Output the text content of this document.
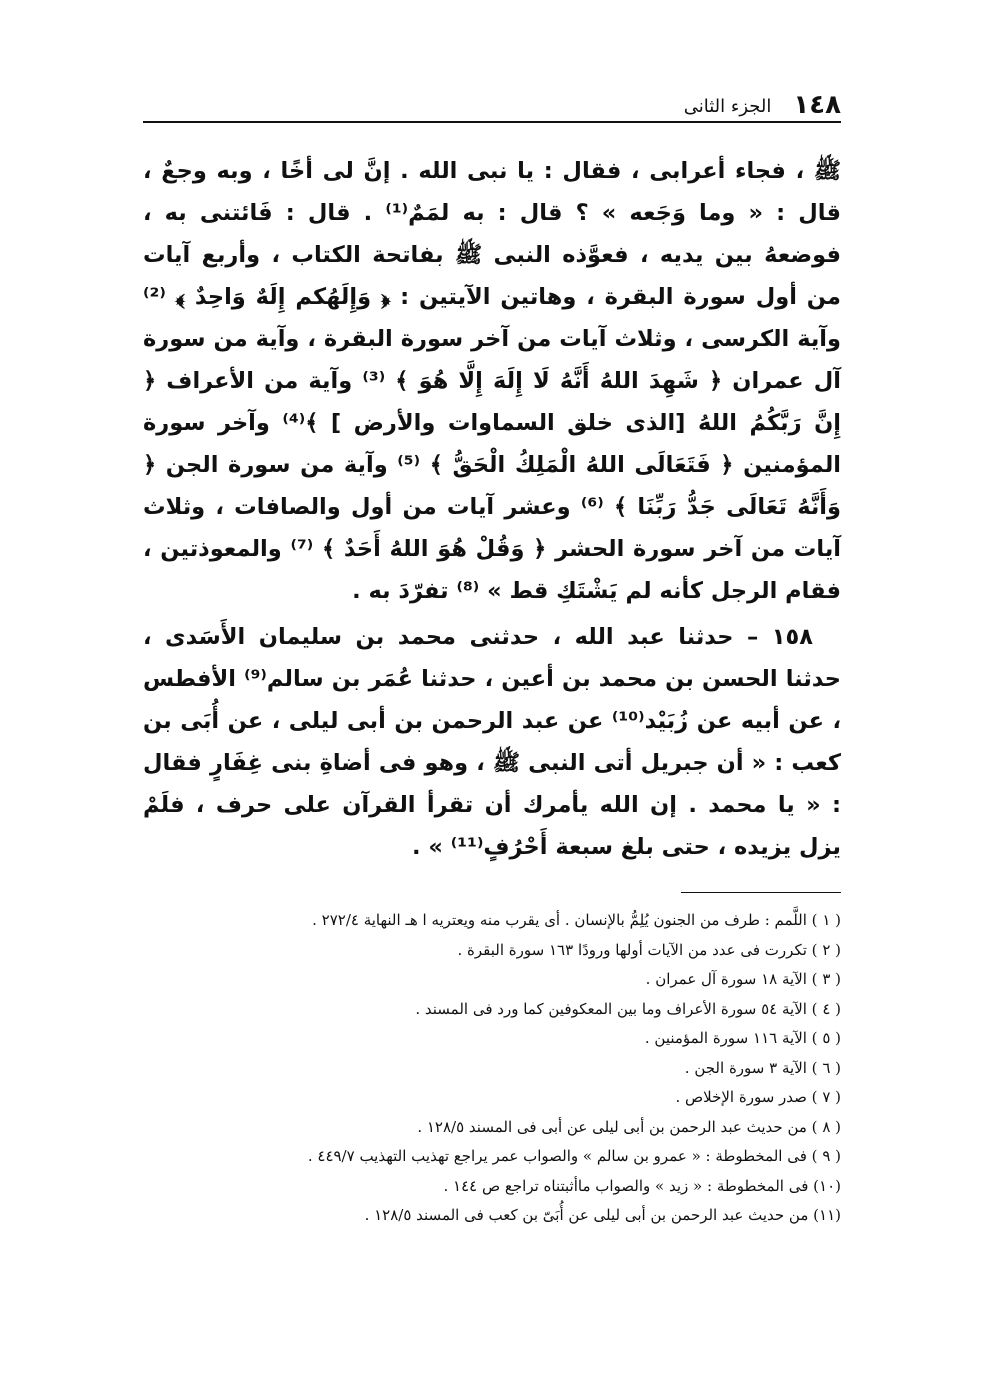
١٤٨
الجزء الثانى

ﷺ ، فجاء أعرابى ، فقال : يا نبى الله . إنَّ لى أخًا ، وبه وجعٌ ، قال : « وما وَجَعه » ؟ قال : به لمَمٌ⁽¹⁾ . قال : فَائتنى به ، فوضعهُ بين يديه ، فعوَّذه النبى ﷺ بفاتحة الكتاب ، وأربع آيات من أول سورة البقرة ، وهاتين الآيتين : ﴿ وَإِلَهُكم إِلَهٌ وَاحِدٌ ﴾ ⁽²⁾ وآية الكرسى ، وثلاث آيات من آخر سورة البقرة ، وآية من سورة آل عمران ﴿ شَهِدَ اللهُ أَنَّهُ لَا إِلَهَ إِلَّا هُوَ ﴾ ⁽³⁾ وآية من الأعراف ﴿ إِنَّ رَبَّكُمُ اللهُ [الذى خلق السماوات والأرض ] ﴾⁽⁴⁾ وآخر سورة المؤمنين ﴿ فَتَعَالَى اللهُ الْمَلِكُ الْحَقُّ ﴾ ⁽⁵⁾ وآية من سورة الجن ﴿ وَأَنَّهُ تَعَالَى جَدُّ رَبِّنَا ﴾ ⁽⁶⁾ وعشر آيات من أول والصافات ، وثلاث آيات من آخر سورة الحشر ﴿ وَقُلْ هُوَ اللهُ أَحَدٌ ﴾ ⁽⁷⁾ والمعوذتين ، فقام الرجل كأنه لم يَشْتَكِ قط » ⁽⁸⁾ تفرّدَ به .

١٥٨ – حدثنا عبد الله ، حدثنى محمد بن سليمان الأَسَدى ، حدثنا الحسن بن محمد بن أعين ، حدثنا عُمَر بن سالم⁽⁹⁾ الأفطس ، عن أبيه عن زُبَيْد⁽¹⁰⁾ عن عبد الرحمن بن أبى ليلى ، عن أُبَى بن كعب : « أن جبريل أتى النبى ﷺ ، وهو فى أضاةِ بنى غِفَارٍ فقال : « يا محمد . إن الله يأمرك أن تقرأ القرآن على حرف ، فلَمْ يزل يزيده ، حتى بلغ سبعة أَحْرُفٍ⁽¹¹⁾ » .

( ١ ) اللَّمم : طرف من الجنون يُلِمُّ بالإنسان . أى يقرب منه ويعتريه ا هـ النهاية ٢٧٢/٤ .

( ٢ ) تكررت فى عدد من الآيات أولها ورودًا ١٦٣ سورة البقرة .

( ٣ ) الآية ١٨ سورة آل عمران .

( ٤ ) الآية ٥٤ سورة الأعراف وما بين المعكوفين كما ورد فى المسند .

( ٥ ) الآية ١١٦ سورة المؤمنين .

( ٦ ) الآية ٣ سورة الجن .

( ٧ ) صدر سورة الإخلاص .

( ٨ ) من حديث عبد الرحمن بن أبى ليلى عن أبى فى المسند ١٢٨/٥ .

( ٩ ) فى المخطوطة : « عمرو بن سالم » والصواب عمر يراجع تهذيب التهذيب ٤٤٩/٧ .

(١٠) فى المخطوطة : « زيد » والصواب ماأثبتناه تراجع ص ١٤٤ .

(١١) من حديث عبد الرحمن بن أبى ليلى عن أُبَىّ بن كعب فى المسند ١٢٨/٥ .
